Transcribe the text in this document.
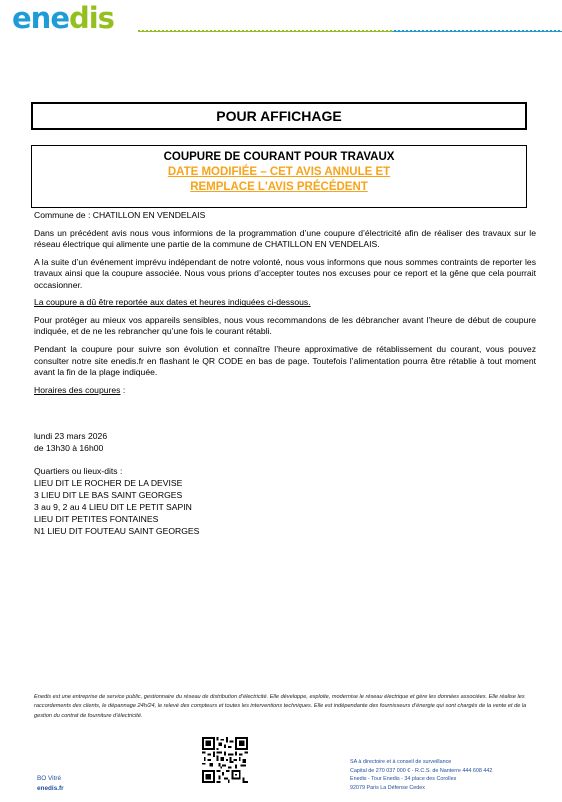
enedis
POUR AFFICHAGE
COUPURE DE COURANT POUR TRAVAUX
DATE MODIFIÉE – CET AVIS ANNULE ET
REMPLACE L'AVIS PRÉCÉDENT

Commune de : CHATILLON EN VENDELAIS

Dans un précédent avis nous vous informions de la programmation d’une coupure d’électricité afin de réaliser des travaux sur le réseau électrique qui alimente une partie de la commune de CHATILLON EN VENDELAIS.

A la suite d’un événement imprévu indépendant de notre volonté, nous vous informons que nous sommes contraints de reporter les travaux ainsi que la coupure associée. Nous vous prions d’accepter toutes nos excuses pour ce report et la gêne que cela pourrait occasionner.

La coupure a dû être reportée aux dates et heures indiquées ci-dessous.

Pour protéger au mieux vos appareils sensibles, nous vous recommandons de les débrancher avant l’heure de début de coupure indiquée, et de ne les rebrancher qu’une fois le courant rétabli.

Pendant la coupure pour suivre son évolution et connaître l’heure approximative de rétablissement du courant, vous pouvez consulter notre site enedis.fr en flashant le QR CODE en bas de page. Toutefois l’alimentation pourra être rétablie à tout moment avant la fin de la plage indiquée.

Horaires des coupures :

lundi 23 mars 2026
de 13h30 à 16h00
Quartiers ou lieux-dits :
LIEU DIT LE ROCHER DE LA DEVISE
3 LIEU DIT LE BAS SAINT GEORGES
3 au 9, 2 au 4 LIEU DIT LE PETIT SAPIN
LIEU DIT PETITES FONTAINES
N1 LIEU DIT FOUTEAU SAINT GEORGES
Enedis est une entreprise de service public, gestionnaire du réseau de distribution d’électricité. Elle développe, exploite, modernise le réseau électrique et gère les données associées. Elle réalise les raccordements des clients, le dépannage 24h/24, le relevé des compteurs et toutes les interventions techniques. Elle est indépendante des fournisseurs d’énergie qui sont chargés de la vente et de la gestion du contrat de fourniture d’électricité.
BO Vitré
enedis.fr
SA à directoire et à conseil de surveillance
Capital de 270 037 000 € - R.C.S. de Nanterre 444 608 442
Enedis - Tour Enedis - 34 place des Corolles
92079 Paris La Défense Cedex
